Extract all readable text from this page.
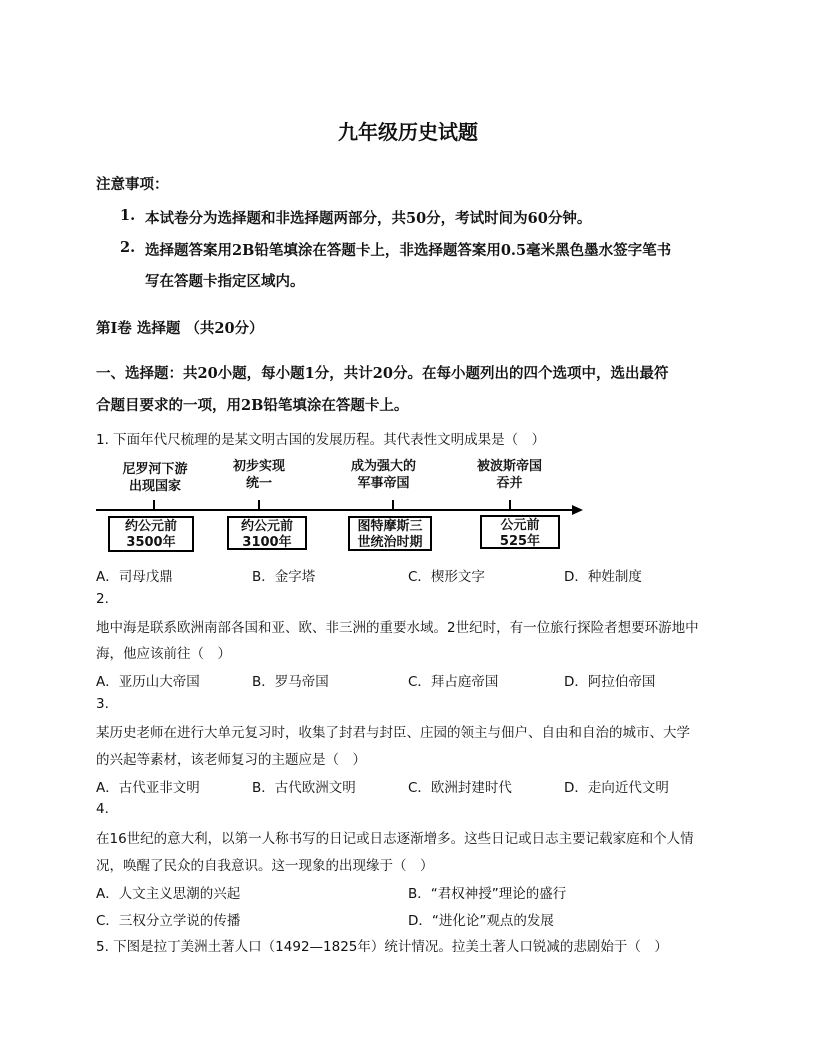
九年级历史试题
注意事项：
1. 本试卷分为选择题和非选择题两部分，共50分，考试时间为60分钟。
2. 选择题答案用2B铅笔填涂在答题卡上，非选择题答案用0.5毫米黑色墨水签字笔书
写在答题卡指定区域内。
第Ⅰ卷 选择题 （共20分）
一、选择题：共20小题，每小题1分，共计20分。在每小题列出的四个选项中，选出最符
合题目要求的一项，用2B铅笔填涂在答题卡上。
1. 下面年代尺梳理的是某文明古国的发展历程。其代表性文明成果是（　）
尼罗河下游
出现国家
初步实现
统一
成为强大的
军事帝国
被波斯帝国
吞并
约公元前
3500年
约公元前
3100年
图特摩斯三
世统治时期
公元前
525年
A．司母戊鼎	B．金字塔	C．楔形文字	D．种姓制度
2.
地中海是联系欧洲南部各国和亚、欧、非三洲的重要水域。2世纪时，有一位旅行探险者想要环游地中
海，他应该前往（　）
A．亚历山大帝国	B．罗马帝国	C．拜占庭帝国	D．阿拉伯帝国
3.
某历史老师在进行大单元复习时，收集了封君与封臣、庄园的领主与佃户、自由和自治的城市、大学
的兴起等素材，该老师复习的主题应是（　）
A．古代亚非文明	B．古代欧洲文明	C．欧洲封建时代	D．走向近代文明
4.
在16世纪的意大利，以第一人称书写的日记或日志逐渐增多。这些日记或日志主要记载家庭和个人情
况，唤醒了民众的自我意识。这一现象的出现缘于（　）
A．人文主义思潮的兴起	B．“君权神授”理论的盛行
C．三权分立学说的传播	D．“进化论”观点的发展
5. 下图是拉丁美洲土著人口（1492—1825年）统计情况。拉美土著人口锐减的悲剧始于（　）
